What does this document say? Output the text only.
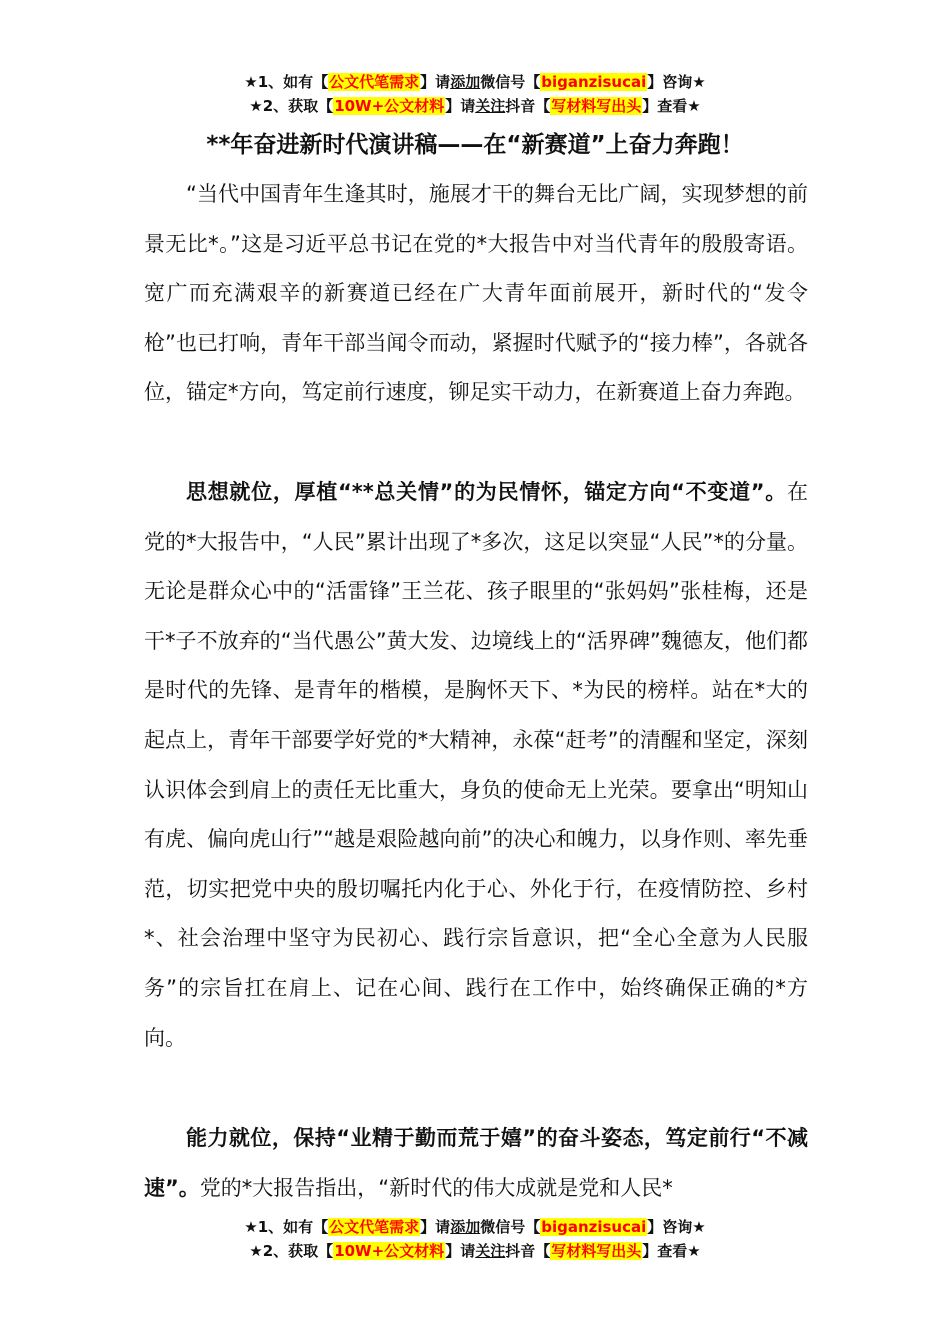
★1、如有【公文代笔需求】请添加微信号【biganzisucai】咨询★
★2、获取【10W+公文材料】请关注抖音【写材料写出头】查看★
**年奋进新时代演讲稿——在“新赛道”上奋力奔跑！

“当代中国青年生逢其时，施展才干的舞台无比广阔，实现梦想的前景无比*。”这是习近平总书记在党的*大报告中对当代青年的殷殷寄语。宽广而充满艰辛的新赛道已经在广大青年面前展开，新时代的“发令枪”也已打响，青年干部当闻令而动，紧握时代赋予的“接力棒”，各就各位，锚定*方向，笃定前行速度，铆足实干动力，在新赛道上奋力奔跑。

思想就位，厚植“**总关情”的为民情怀，锚定方向“不变道”。在党的*大报告中，“人民”累计出现了*多次，这足以突显“人民”*的分量。无论是群众心中的“活雷锋”王兰花、孩子眼里的“张妈妈”张桂梅，还是干*子不放弃的“当代愚公”黄大发、边境线上的“活界碑”魏德友，他们都是时代的先锋、是青年的楷模，是胸怀天下、*为民的榜样。站在*大的起点上，青年干部要学好党的*大精神，永葆“赶考”的清醒和坚定，深刻认识体会到肩上的责任无比重大，身负的使命无上光荣。要拿出“明知山有虎、偏向虎山行”“越是艰险越向前”的决心和魄力，以身作则、率先垂范，切实把党中央的殷切嘱托内化于心、外化于行，在疫情防控、乡村*、社会治理中坚守为民初心、践行宗旨意识，把“全心全意为人民服务”的宗旨扛在肩上、记在心间、践行在工作中，始终确保正确的*方向。

能力就位，保持“业精于勤而荒于嬉”的奋斗姿态，笃定前行“不减速”。党的*大报告指出，“新时代的伟大成就是党和人民*

★1、如有【公文代笔需求】请添加微信号【biganzisucai】咨询★
★2、获取【10W+公文材料】请关注抖音【写材料写出头】查看★
